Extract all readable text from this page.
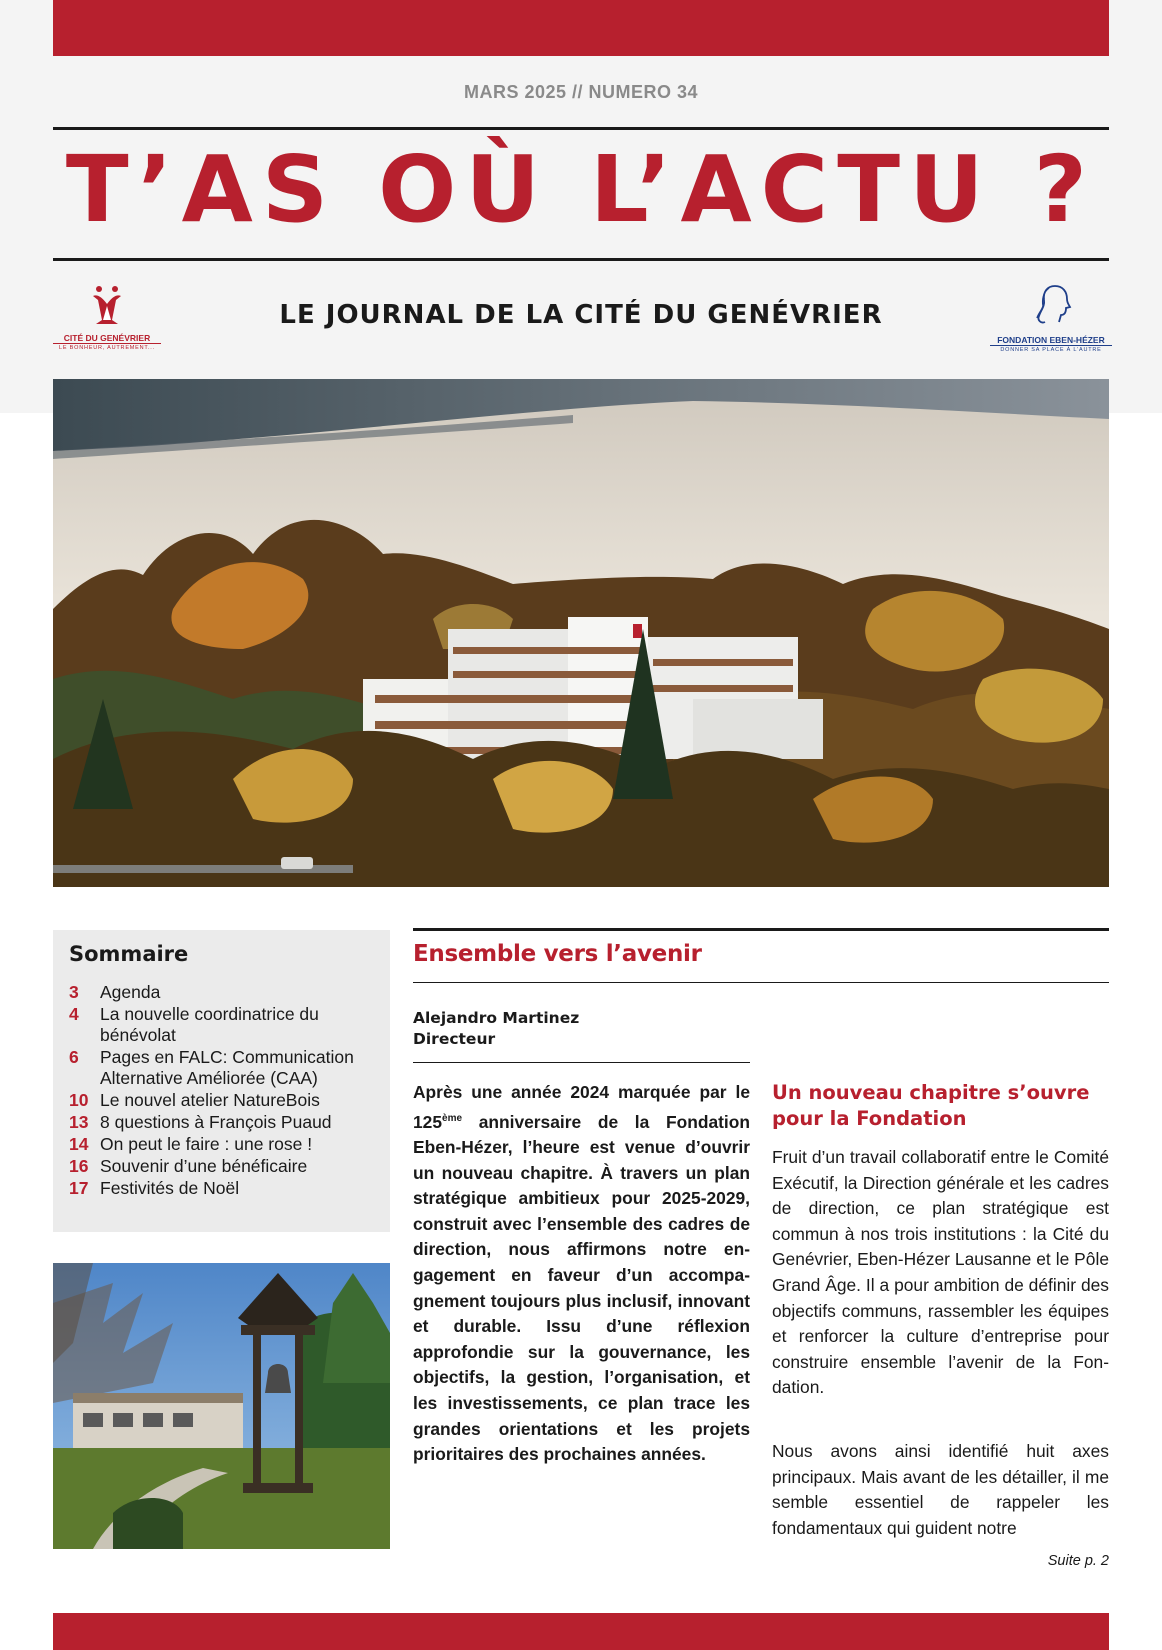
MARS 2025 // NUMERO 34
T’AS OÙ L’ACTU ?
CITÉ DU GENÉVRIER
LE BONHEUR, AUTREMENT...
FONDATION EBEN-HÉZER
DONNER SA PLACE À L’AUTRE
LE JOURNAL DE LA CITÉ DU GENÉVRIER
Sommaire
3	Agenda
4	La nouvelle coordinatrice du bénévolat
6	Pages en FALC: Communication Alternative Améliorée (CAA)
10 Le nouvel atelier NatureBois
13 8 questions à François Puaud
14 On peut le faire : une rose !
16 Souvenir d’une bénéficaire
17 Festivités de Noël
Ensemble vers l’avenir
Alejandro Martinez
Directeur

Après une année 2024 marquée par le 125ème anniversaire de la Fondation Eben-Hézer, l’heure est venue d’ouvrir un nouveau chapitre. À travers un plan stratégique ambitieux pour 2025-2029, construit avec l’ensemble des cadres de direction, nous affirmons notre engagement en faveur d’un accompagnement toujours plus inclusif, innovant et durable. Issu d’une réflexion approfondie sur la gouvernance, les objectifs, la gestion, l’organisation, et les investissements, ce plan trace les grandes orientations et les projets prioritaires des prochaines années.

Un nouveau chapitre s’ouvre pour la Fondation

Fruit d’un travail collaboratif entre le Comité Exécutif, la Direction générale et les cadres de direction, ce plan stratégique est commun à nos trois institutions : la Cité du Genévrier, Eben-Hézer Lausanne et le Pôle Grand Âge. Il a pour ambition de définir des objectifs communs, rassembler les équipes et renforcer la culture d’entreprise pour construire ensemble l’avenir de la Fondation.

Nous avons ainsi identifié huit axes principaux. Mais avant de les détailler, il me semble essentiel de rappeler les fondamentaux qui guident notre

Suite p. 2
